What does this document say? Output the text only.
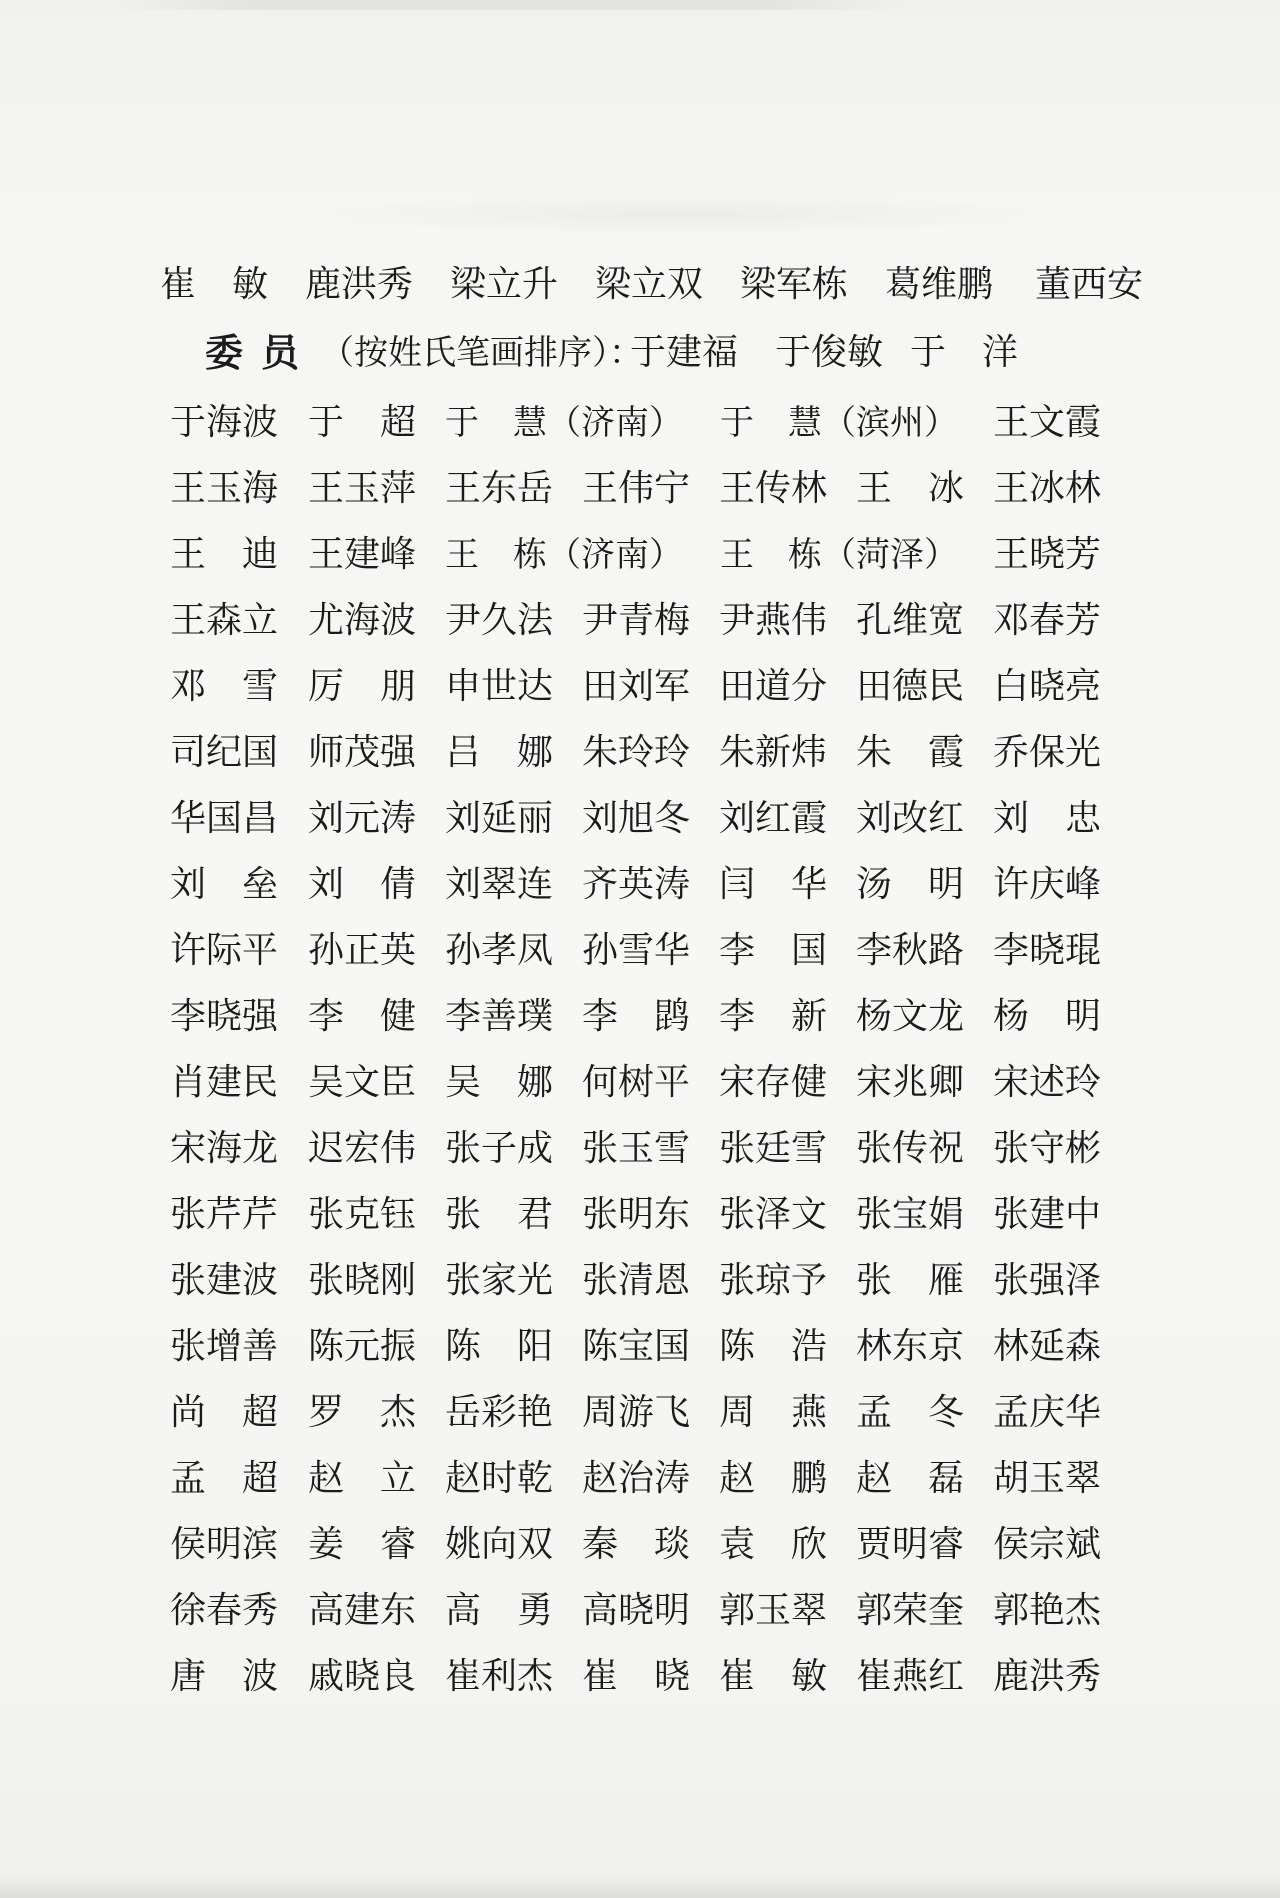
崔　敏 鹿洪秀 梁立升 梁立双 梁军栋 葛维鹏 董西安
委员 （按姓氏笔画排序）：
于建福 于俊敏 于　洋
于海波 于　超 于　慧（济南） 于　慧（滨州） 王文霞
王玉海 王玉萍 王东岳 王伟宁 王传林 王　冰 王冰林
王　迪 王建峰 王　栋（济南） 王　栋（菏泽） 王晓芳
王森立 尤海波 尹久法 尹青梅 尹燕伟 孔维宽 邓春芳
邓　雪 厉　朋 申世达 田刘军 田道分 田德民 白晓亮
司纪国 师茂强 吕　娜 朱玲玲 朱新炜 朱　霞 乔保光
华国昌 刘元涛 刘延丽 刘旭冬 刘红霞 刘改红 刘　忠
刘　垒 刘　倩 刘翠连 齐英涛 闫　华 汤　明 许庆峰
许际平 孙正英 孙孝凤 孙雪华 李　国 李秋路 李晓琨
李晓强 李　健 李善璞 李　鹍 李　新 杨文龙 杨　明
肖建民 吴文臣 吴　娜 何树平 宋存健 宋兆卿 宋述玲
宋海龙 迟宏伟 张子成 张玉雪 张廷雪 张传祝 张守彬
张芹芹 张克钰 张　君 张明东 张泽文 张宝娟 张建中
张建波 张晓刚 张家光 张清恩 张琼予 张　雁 张强泽
张增善 陈元振 陈　阳 陈宝国 陈　浩 林东京 林延森
尚　超 罗　杰 岳彩艳 周游飞 周　燕 孟　冬 孟庆华
孟　超 赵　立 赵时乾 赵治涛 赵　鹏 赵　磊 胡玉翠
侯明滨 姜　睿 姚向双 秦　琰 袁　欣 贾明睿 侯宗斌
徐春秀 高建东 高　勇 高晓明 郭玉翠 郭荣奎 郭艳杰
唐　波 戚晓良 崔利杰 崔　晓 崔　敏 崔燕红 鹿洪秀
